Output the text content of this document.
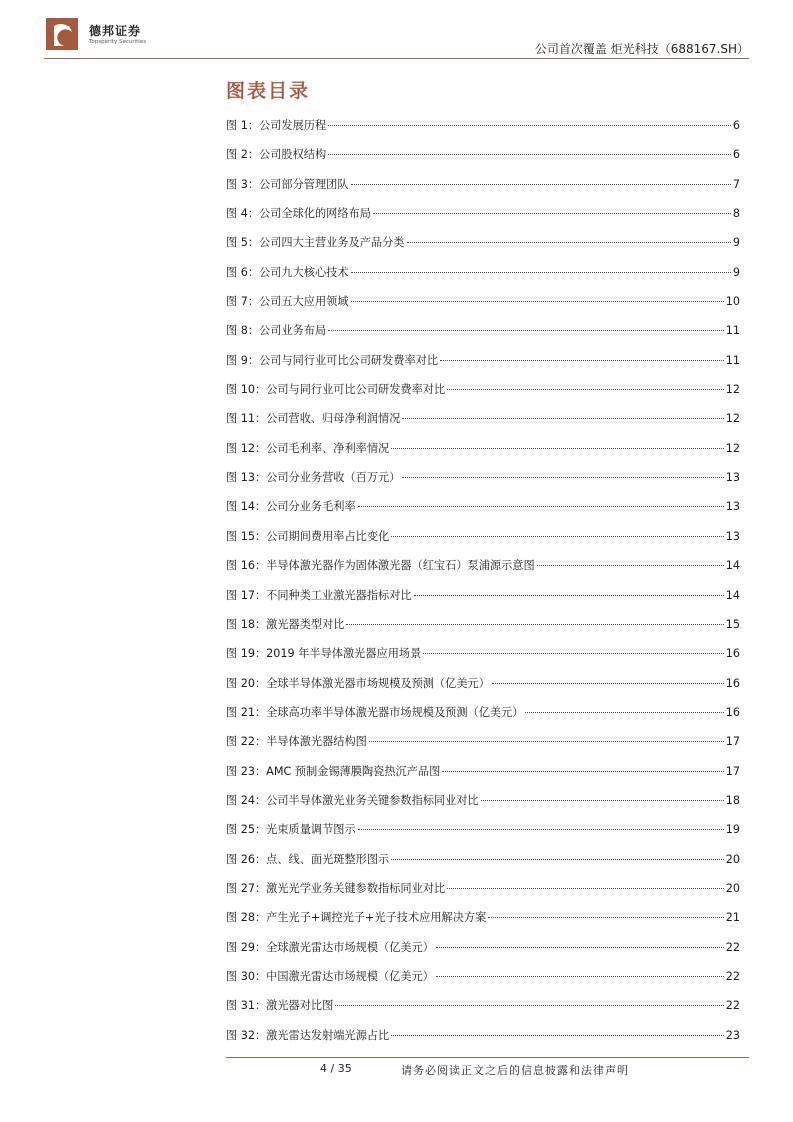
德邦证券
Topsperity Securities	公司首次覆盖 炬光科技（688167.SH）
图表目录
图 1：公司发展历程	6
图 2：公司股权结构	6
图 3：公司部分管理团队	7
图 4：公司全球化的网络布局	8
图 5：公司四大主营业务及产品分类	9
图 6：公司九大核心技术	9
图 7：公司五大应用领域	10
图 8：公司业务布局	11
图 9：公司与同行业可比公司研发费率对比	11
图 10：公司与同行业可比公司研发费率对比	12
图 11：公司营收、归母净利润情况	12
图 12：公司毛利率、净利率情况	12
图 13：公司分业务营收（百万元）	13
图 14：公司分业务毛利率	13
图 15：公司期间费用率占比变化	13
图 16：半导体激光器作为固体激光器（红宝石）泵浦源示意图	14
图 17：不同种类工业激光器指标对比	14
图 18：激光器类型对比	15
图 19：2019 年半导体激光器应用场景	16
图 20：全球半导体激光器市场规模及预测（亿美元）	16
图 21：全球高功率半导体激光器市场规模及预测（亿美元）	16
图 22：半导体激光器结构图	17
图 23：AMC 预制金锡薄膜陶瓷热沉产品图	17
图 24：公司半导体激光业务关键参数指标同业对比	18
图 25：光束质量调节图示	19
图 26：点、线、面光斑整形图示	20
图 27：激光光学业务关键参数指标同业对比	20
图 28：产生光子+调控光子+光子技术应用解决方案	21
图 29：全球激光雷达市场规模（亿美元）	22
图 30：中国激光雷达市场规模（亿美元）	22
图 31：激光器对比图	22
图 32：激光雷达发射端光源占比	23
4 / 35	请务必阅读正文之后的信息披露和法律声明
